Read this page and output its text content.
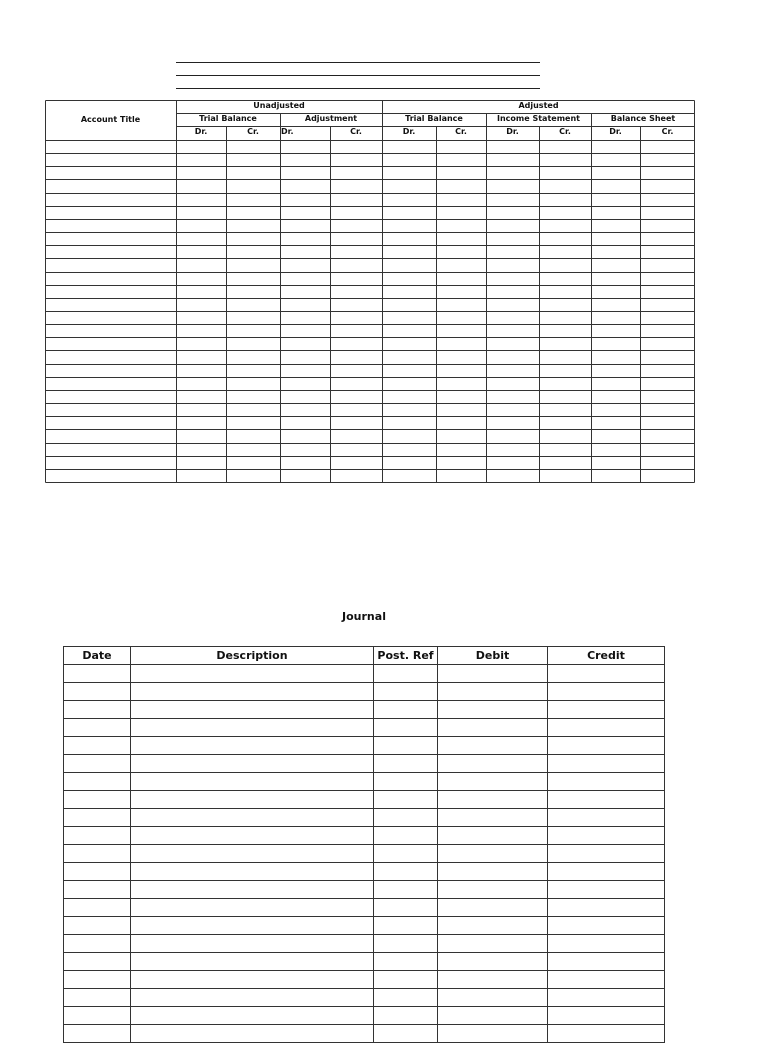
Account Title
Unadjusted	Adjusted
Trial Balance	Adjustment	Trial Balance	Income Statement	Balance Sheet
Dr.	Cr.	Dr.	Cr.	Dr.	Cr.	Dr.	Cr.	Dr.	Cr.
Journal
Date	Description	Post. Ref	Debit	Credit
